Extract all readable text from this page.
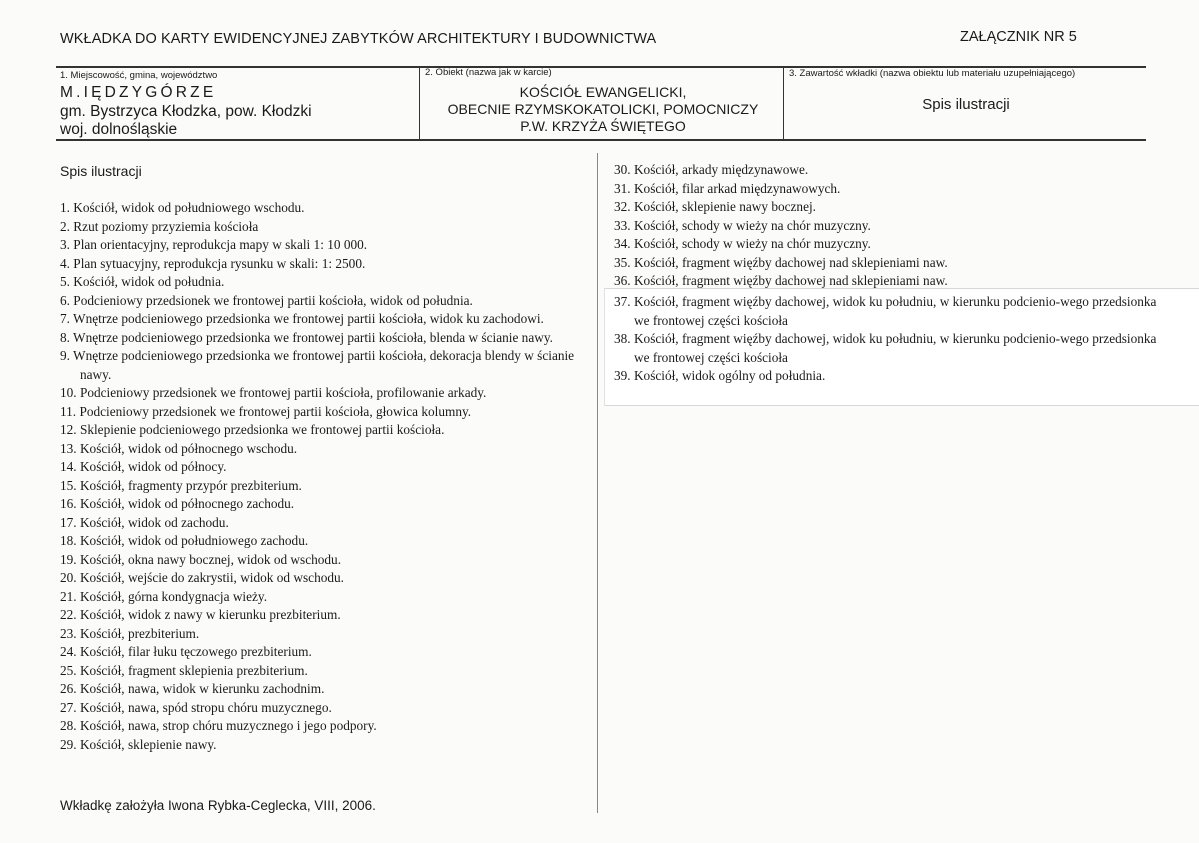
WKŁADKA DO KARTY EWIDENCYJNEJ ZABYTKÓW ARCHITEKTURY I BUDOWNICTWA	ZAŁĄCZNIK NR 5
1. Miejscowość, gmina, województwo
M.IĘDZYGÓRZE
gm. Bystrzyca Kłodzka, pow. Kłodzki
woj. dolnośląskie
2. Obiekt (nazwa jak w karcie)
KOŚCIÓŁ EWANGELICKI,
OBECNIE RZYMSKOKATOLICKI, POMOCNICZY
P.W. KRZYŻA ŚWIĘTEGO
3. Zawartość wkładki (nazwa obiektu lub materiału uzupełniającego)
Spis ilustracji
Spis ilustracji
1. Kościół, widok od południowego wschodu.
2. Rzut poziomy przyziemia kościoła
3. Plan orientacyjny, reprodukcja mapy w skali 1: 10 000.
4. Plan sytuacyjny, reprodukcja rysunku w skali: 1: 2500.
5. Kościół, widok od południa.
6. Podcieniowy przedsionek we frontowej partii kościoła, widok od południa.
7. Wnętrze podcieniowego przedsionka we frontowej partii kościoła, widok ku zachodowi.
8. Wnętrze podcieniowego przedsionka we frontowej partii kościoła, blenda w ścianie nawy.
9. Wnętrze podcieniowego przedsionka we frontowej partii kościoła, dekoracja blendy w ścianie nawy.
10. Podcieniowy przedsionek we frontowej partii kościoła, profilowanie arkady.
11. Podcieniowy przedsionek we frontowej partii kościoła, głowica kolumny.
12. Sklepienie podcieniowego przedsionka we frontowej partii kościoła.
13. Kościół, widok od północnego wschodu.
14. Kościół, widok od północy.
15. Kościół, fragmenty przypór prezbiterium.
16. Kościół, widok od północnego zachodu.
17. Kościół, widok od zachodu.
18. Kościół, widok od południowego zachodu.
19. Kościół, okna nawy bocznej, widok od wschodu.
20. Kościół, wejście do zakrystii, widok od wschodu.
21. Kościół, górna kondygnacja wieży.
22. Kościół, widok z nawy w kierunku prezbiterium.
23. Kościół, prezbiterium.
24. Kościół, filar łuku tęczowego prezbiterium.
25. Kościół, fragment sklepienia prezbiterium.
26. Kościół, nawa, widok w kierunku zachodnim.
27. Kościół, nawa, spód stropu chóru muzycznego.
28. Kościół, nawa, strop chóru muzycznego i jego podpory.
29. Kościół, sklepienie nawy.
30. Kościół, arkady międzynawowe.
31. Kościół, filar arkad międzynawowych.
32. Kościół, sklepienie nawy bocznej.
33. Kościół, schody w wieży na chór muzyczny.
34. Kościół, schody w wieży na chór muzyczny.
35. Kościół, fragment więźby dachowej nad sklepieniami naw.
36. Kościół, fragment więźby dachowej nad sklepieniami naw.
37. Kościół, fragment więźby dachowej, widok ku południu, w kierunku podcienio-wego przedsionka we frontowej części kościoła
38. Kościół, fragment więźby dachowej, widok ku południu, w kierunku podcienio-wego przedsionka we frontowej części kościoła
39. Kościół, widok ogólny od południa.
Wkładkę założyła Iwona Rybka-Ceglecka, VIII, 2006.
